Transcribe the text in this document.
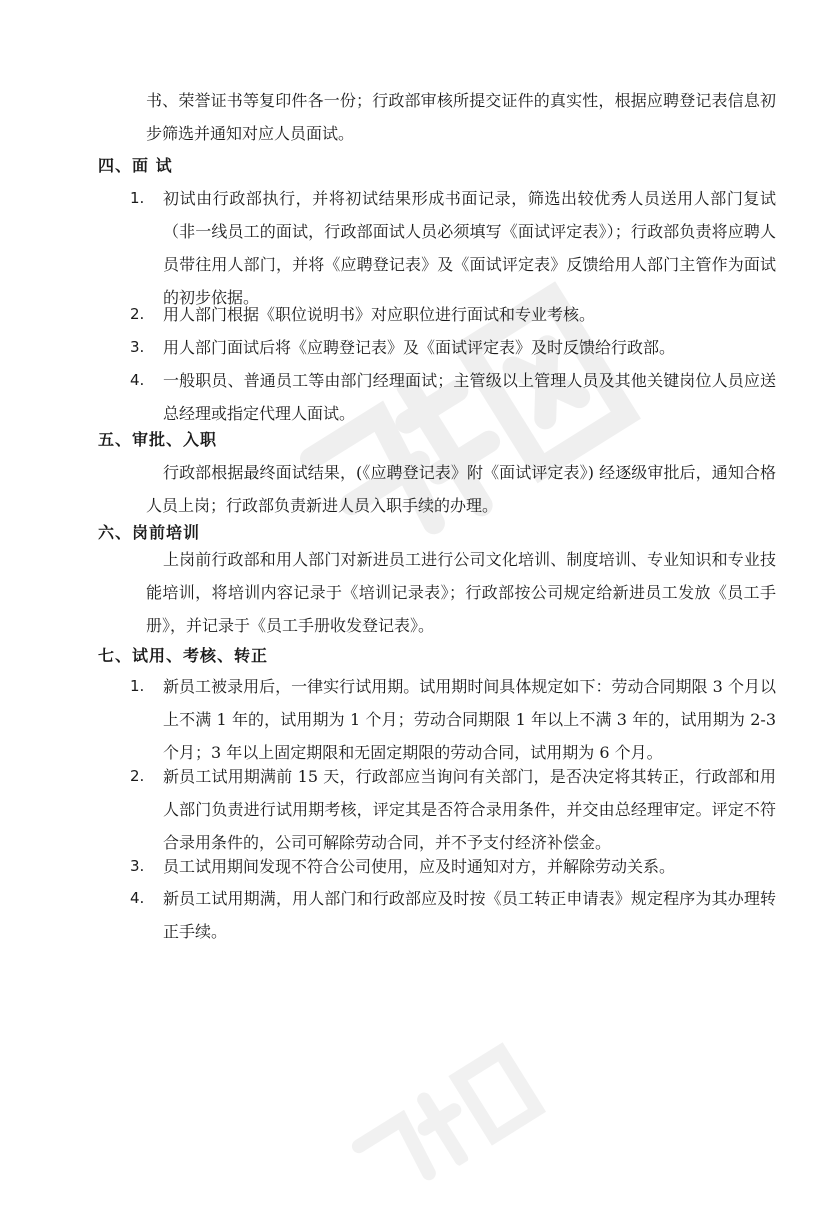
书、荣誉证书等复印件各一份；行政部审核所提交证件的真实性，根据应聘登记表信息初步筛选并通知对应人员面试。

四、面 试
1.	初试由行政部执行，并将初试结果形成书面记录，筛选出较优秀人员送用人部门复试（非一线员工的面试，行政部面试人员必须填写《面试评定表》）；行政部负责将应聘人员带往用人部门，并将《应聘登记表》及《面试评定表》反馈给用人部门主管作为面试的初步依据。
2.	用人部门根据《职位说明书》对应职位进行面试和专业考核。
3.	用人部门面试后将《应聘登记表》及《面试评定表》及时反馈给行政部。
4.	一般职员、普通员工等由部门经理面试；主管级以上管理人员及其他关键岗位人员应送总经理或指定代理人面试。
五、审批、入职

行政部根据最终面试结果，(《应聘登记表》附《面试评定表》) 经逐级审批后，通知合格人员上岗；行政部负责新进人员入职手续的办理。

六、岗前培训

上岗前行政部和用人部门对新进员工进行公司文化培训、制度培训、专业知识和专业技能培训，将培训内容记录于《培训记录表》；行政部按公司规定给新进员工发放《员工手册》，并记录于《员工手册收发登记表》。

七、试用、考核、转正
1.	新员工被录用后，一律实行试用期。试用期时间具体规定如下：劳动合同期限 3 个月以上不满 1 年的，试用期为 1 个月；劳动合同期限 1 年以上不满 3 年的，试用期为 2-3 个月；3 年以上固定期限和无固定期限的劳动合同，试用期为 6 个月。
2.	新员工试用期满前 15 天，行政部应当询问有关部门，是否决定将其转正，行政部和用人部门负责进行试用期考核，评定其是否符合录用条件，并交由总经理审定。评定不符合录用条件的，公司可解除劳动合同，并不予支付经济补偿金。
3.	员工试用期间发现不符合公司使用，应及时通知对方，并解除劳动关系。
4.	新员工试用期满，用人部门和行政部应及时按《员工转正申请表》规定程序为其办理转正手续。
